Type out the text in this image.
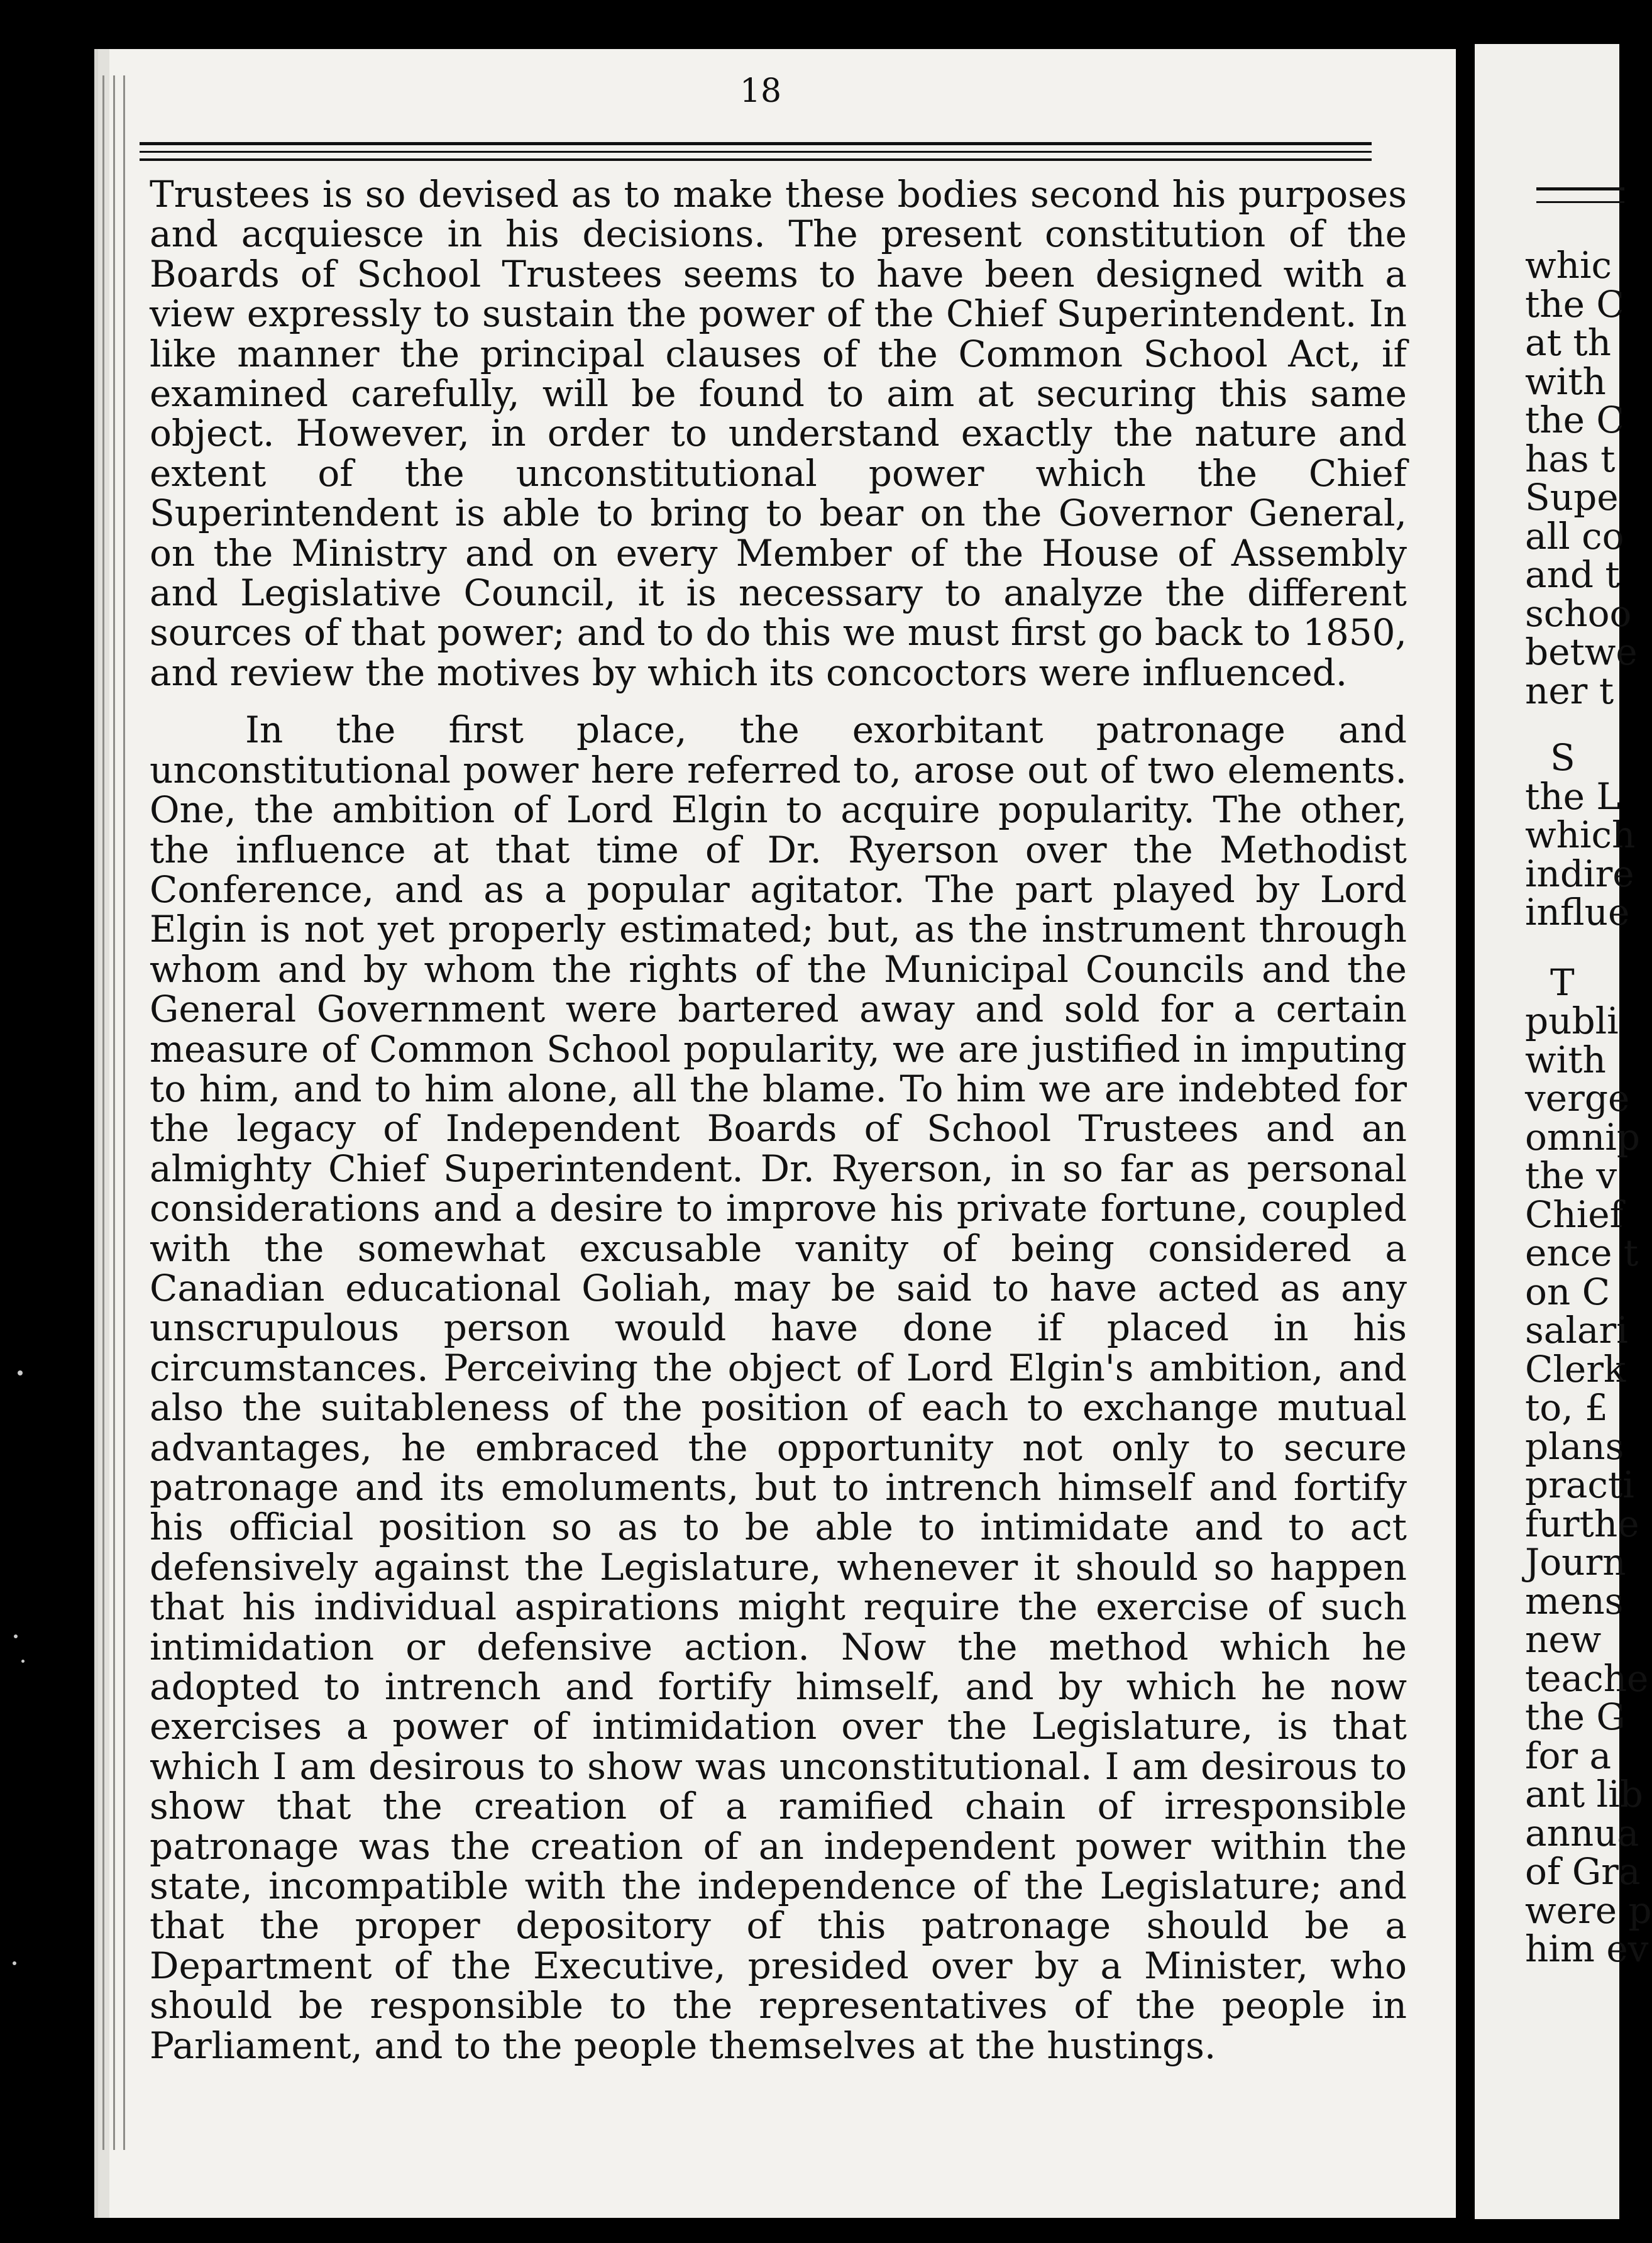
18

Trustees is so devised as to make these bodies second his purposes and acquiesce in his decisions. The present constitution of the Boards of School Trustees seems to have been designed with a view expressly to sustain the power of the Chief Superintendent. In like manner the principal clauses of the Common School Act, if examined carefully, will be found to aim at securing this same object. However, in order to understand exactly the nature and extent of the unconstitutional power which the Chief Superintendent is able to bring to bear on the Governor General, on the Ministry and on every Member of the House of Assembly and Legislative Council, it is necessary to analyze the different sources of that power; and to do this we must first go back to 1850, and review the motives by which its concoctors were influenced.

In the first place, the exorbitant patronage and unconstitutional power here referred to, arose out of two elements. One, the ambition of Lord Elgin to acquire popularity. The other, the influence at that time of Dr. Ryerson over the Methodist Conference, and as a popular agitator. The part played by Lord Elgin is not yet properly estimated; but, as the instrument through whom and by whom the rights of the Municipal Councils and the General Government were bartered away and sold for a certain measure of Common School popularity, we are justified in imputing to him, and to him alone, all the blame. To him we are indebted for the legacy of Independent Boards of School Trustees and an almighty Chief Superintendent. Dr. Ryerson, in so far as personal considerations and a desire to improve his private fortune, coupled with the somewhat excusable vanity of being considered a Canadian educational Goliah, may be said to have acted as any unscrupulous person would have done if placed in his circumstances. Perceiving the object of Lord Elgin's ambition, and also the suitableness of the position of each to exchange mutual advantages, he embraced the opportunity not only to secure patronage and its emoluments, but to intrench himself and fortify his official position so as to be able to intimidate and to act defensively against the Legislature, whenever it should so happen that his individual aspirations might require the exercise of such intimidation or defensive action. Now the method which he adopted to intrench and fortify himself, and by which he now exercises a power of intimidation over the Legislature, is that which I am desirous to show was unconstitutional. I am desirous to show that the creation of a ramified chain of irresponsible patronage was the creation of an independent power within the state, incompatible with the independence of the Legislature; and that the proper depository of this patronage should be a Department of the Executive, presided over by a Minister, who should be responsible to the representatives of the people in Parliament, and to the people themselves at the hustings.

whic

the C

at th

with

the C

has t

Supe

all co

and t

schoo

betwe

ner t

S

the L

which

indire

influe

T

publi

with

verge

omnip

the v

Chief

ence t

on C

salari

Clerk

to, £

plans

practi

furthe

Journ

mens

new

teache

the G

for a

ant lib

annua

of Gra

were p

him ev
